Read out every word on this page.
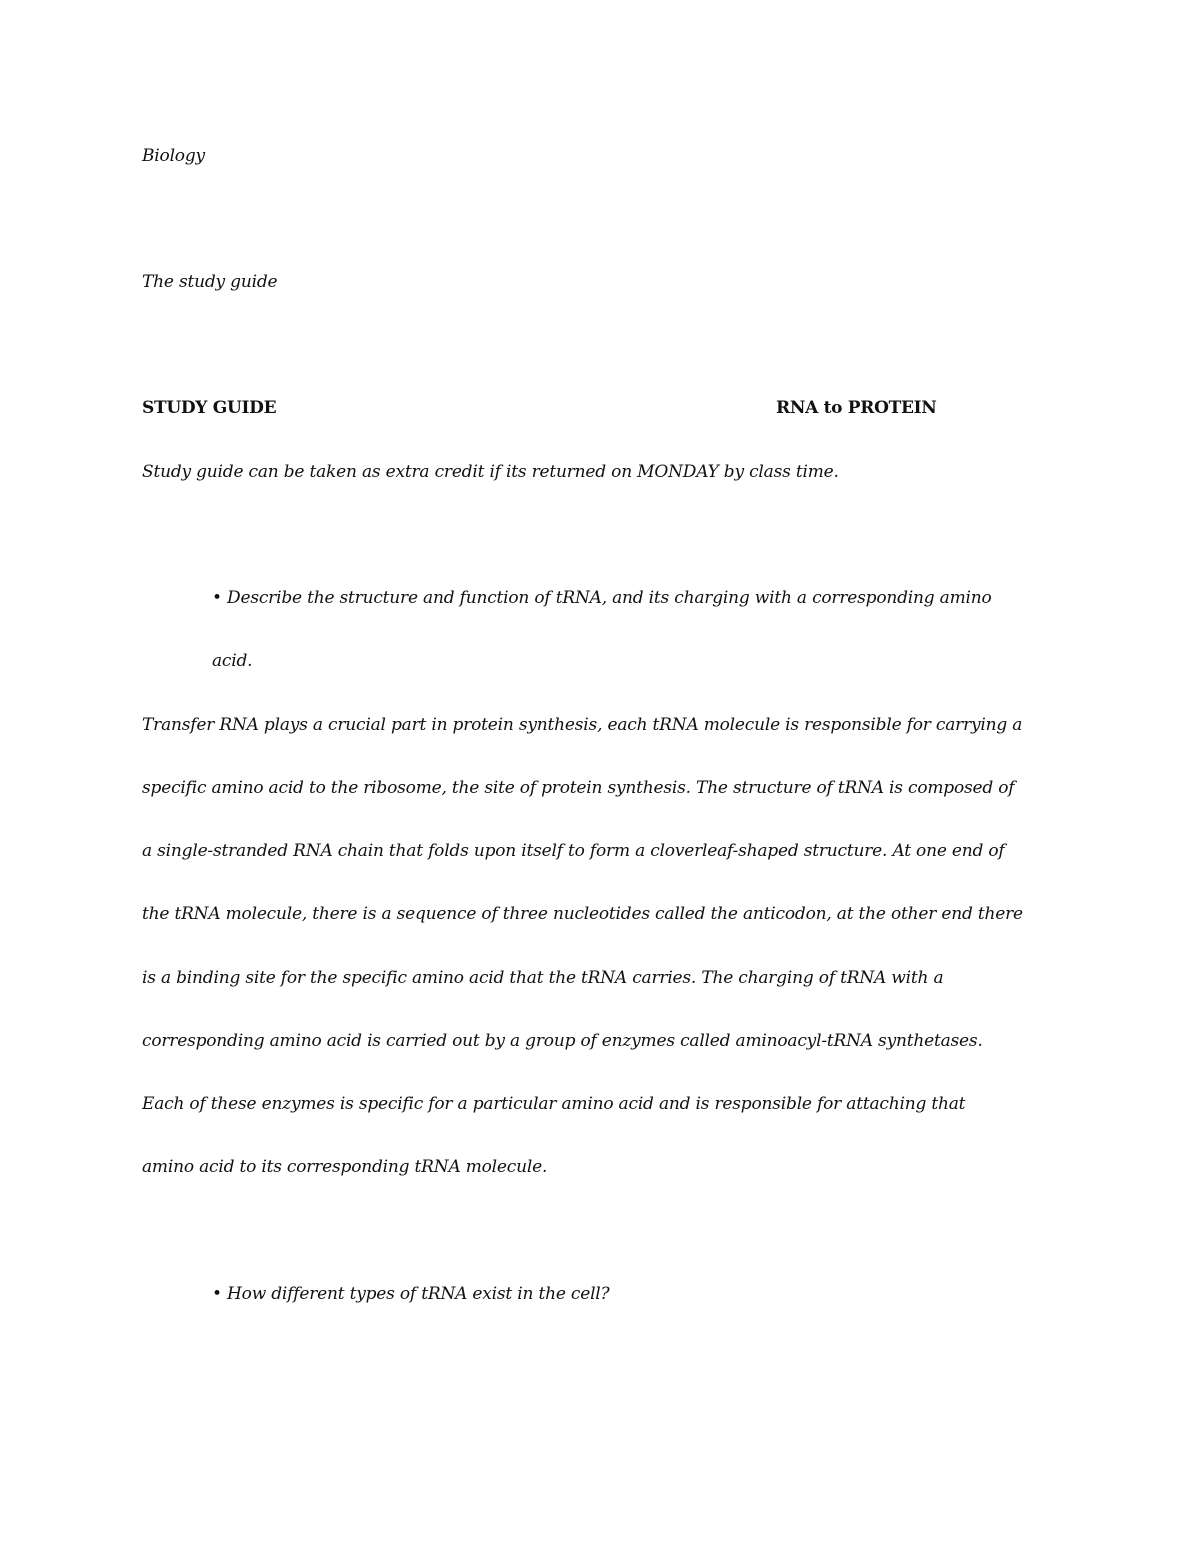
Biology

The study guide

STUDY GUIDE	RNA to PROTEIN

Study guide can be taken as extra credit if its returned on MONDAY by class time.

• Describe the structure and function of tRNA, and its charging with a corresponding amino

acid.

Transfer RNA plays a crucial part in protein synthesis, each tRNA molecule is responsible for carrying a

specific amino acid to the ribosome, the site of protein synthesis. The structure of tRNA is composed of

a single-stranded RNA chain that folds upon itself to form a cloverleaf-shaped structure. At one end of

the tRNA molecule, there is a sequence of three nucleotides called the anticodon, at the other end there

is a binding site for the specific amino acid that the tRNA carries. The charging of tRNA with a

corresponding amino acid is carried out by a group of enzymes called aminoacyl-tRNA synthetases.

Each of these enzymes is specific for a particular amino acid and is responsible for attaching that

amino acid to its corresponding tRNA molecule.

• How different types of tRNA exist in the cell?
